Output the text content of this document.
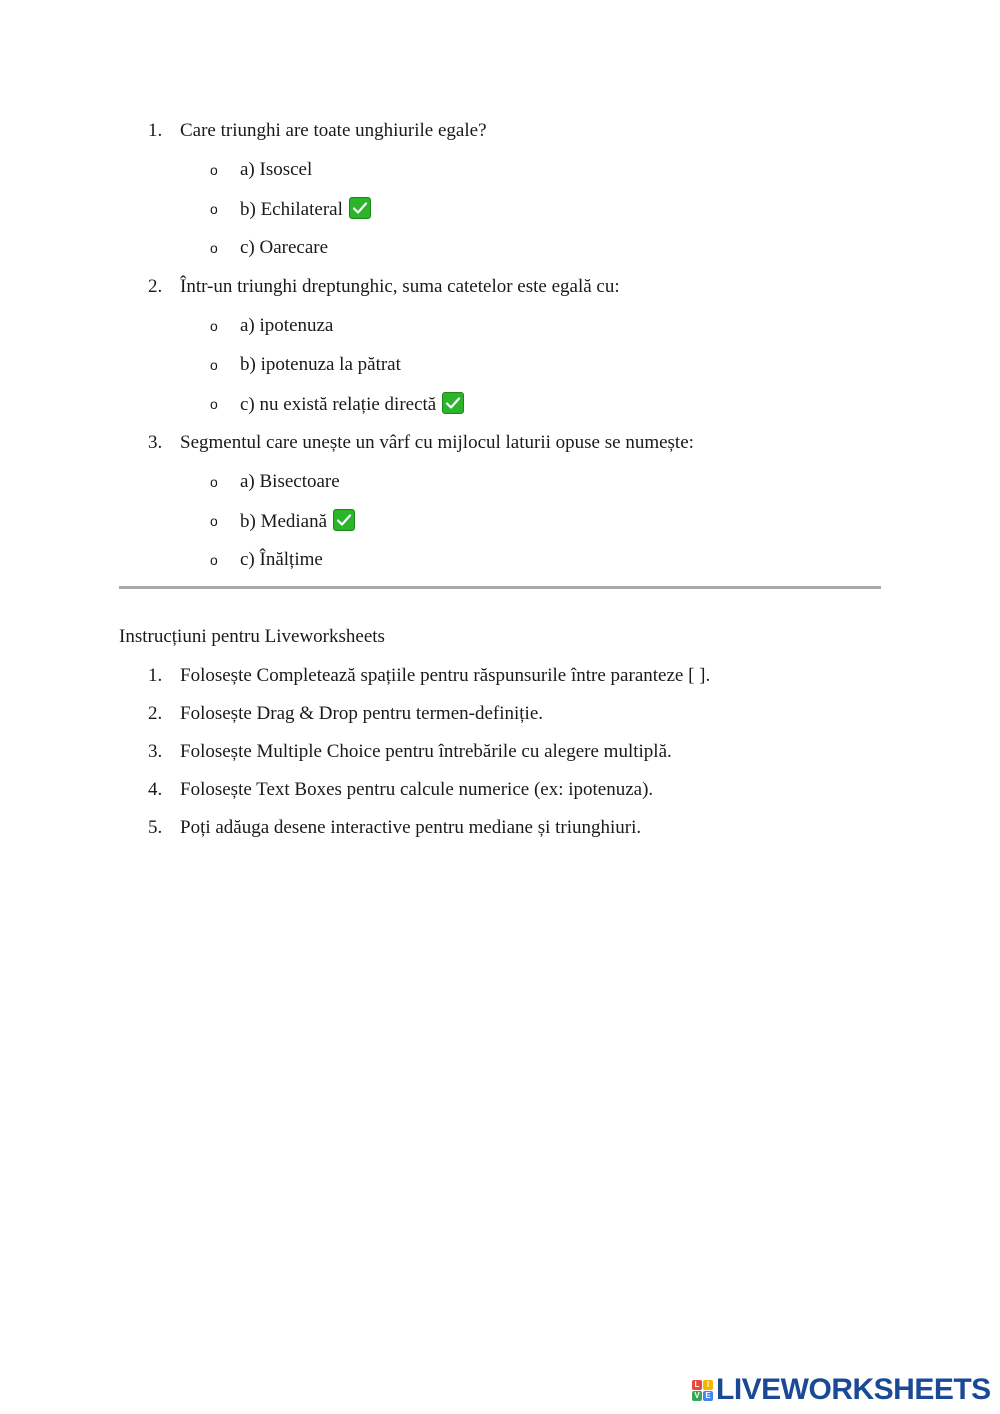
1. Care triunghi are toate unghiurile egale?
o a) Isoscel
o b) Echilateral
o c) Oarecare
2. Într-un triunghi dreptunghic, suma catetelor este egală cu:
o a) ipotenuza
o b) ipotenuza la pătrat
o c) nu există relație directă
3. Segmentul care unește un vârf cu mijlocul laturii opuse se numește:
o a) Bisectoare
o b) Mediană
o c) Înălțime
Instrucțiuni pentru Liveworksheets
1. Folosește Completează spațiile pentru răspunsurile între paranteze [ ].
2. Folosește Drag & Drop pentru termen-definiție.
3. Folosește Multiple Choice pentru întrebările cu alegere multiplă.
4. Folosește Text Boxes pentru calcule numerice (ex: ipotenuza).
5. Poți adăuga desene interactive pentru mediane și triunghiuri.
L I
V E LIVEWORKSHEETS
